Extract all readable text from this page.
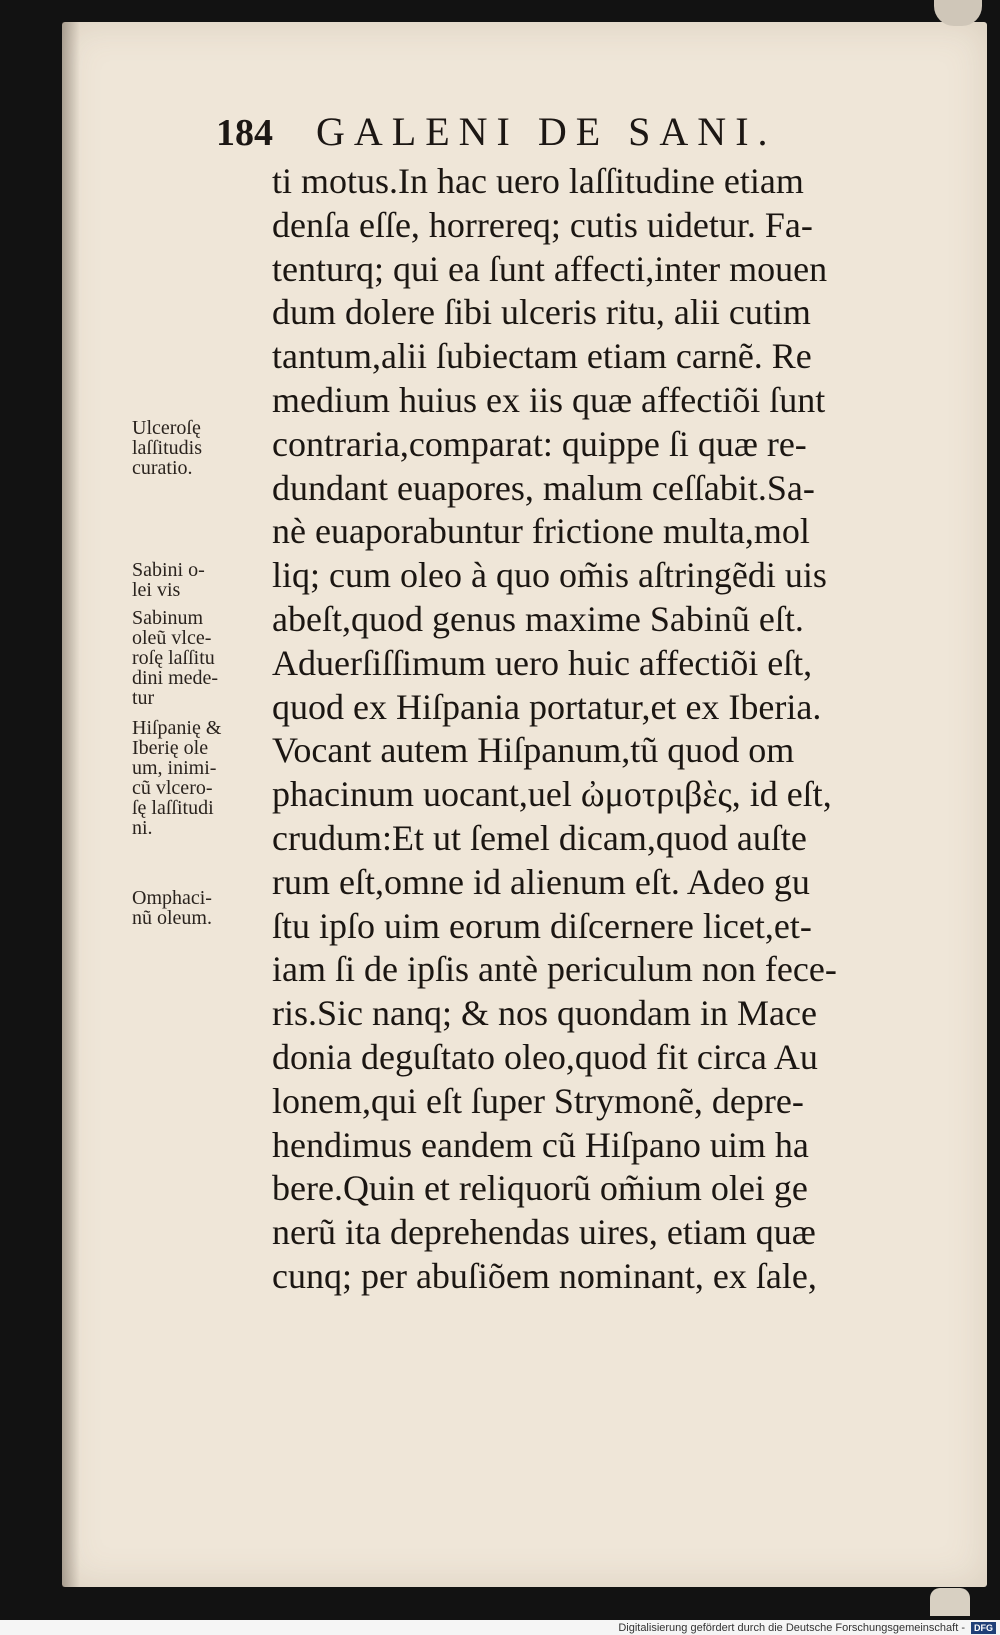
184	GALENI DE SANI.
ti motus.In hac uero laſſitudine etiam
denſa eſſe, horrereq; cutis uidetur. Fa-
tenturq; qui ea ſunt affecti,inter mouen
dum dolere ſibi ulceris ritu, alii cutim
tantum,alii ſubiectam etiam carnẽ. Re
medium huius ex iis quæ affectiõi ſunt
contraria,comparat: quippe ſi quæ re-
dundant euapores, malum ceſſabit.Sa-
nè euaporabuntur frictione multa,mol
liq; cum oleo à quo om̃is aſtringẽdi uis
abeſt,quod genus maxime Sabinũ eſt.
Aduerſiſſimum uero huic affectiõi eſt,
quod ex Hiſpania portatur,et ex Iberia.
Vocant autem Hiſpanum,tũ quod om
phacinum uocant,uel ὠμοτριβὲς, id eſt,
crudum:Et ut ſemel dicam,quod auſte
rum eſt,omne id alienum eſt. Adeo gu
ſtu ipſo uim eorum diſcernere licet,et-
iam ſi de ipſis antè periculum non fece-
ris.Sic nanq; & nos quondam in Mace
donia deguſtato oleo,quod fit circa Au
lonem,qui eſt ſuper Strymonẽ, depre-
hendimus eandem cũ Hiſpano uim ha
bere.Quin et reliquorũ om̃ium olei ge
nerũ ita deprehendas uires, etiam quæ
cunq; per abuſiõem nominant, ex ſale,
Ulceroſę
laſſitudis
curatio.
Sabini o-
lei vis
Sabinum
oleũ vlce-
roſę laſſitu
dini mede-
tur
Hiſpanię &
Iberię ole
um, inimi-
cũ vlcero-
ſę laſſitudi
ni.
Omphaci-
nũ oleum.
Digitalisierung gefördert durch die Deutsche Forschungsgemeinschaft -	DFG
